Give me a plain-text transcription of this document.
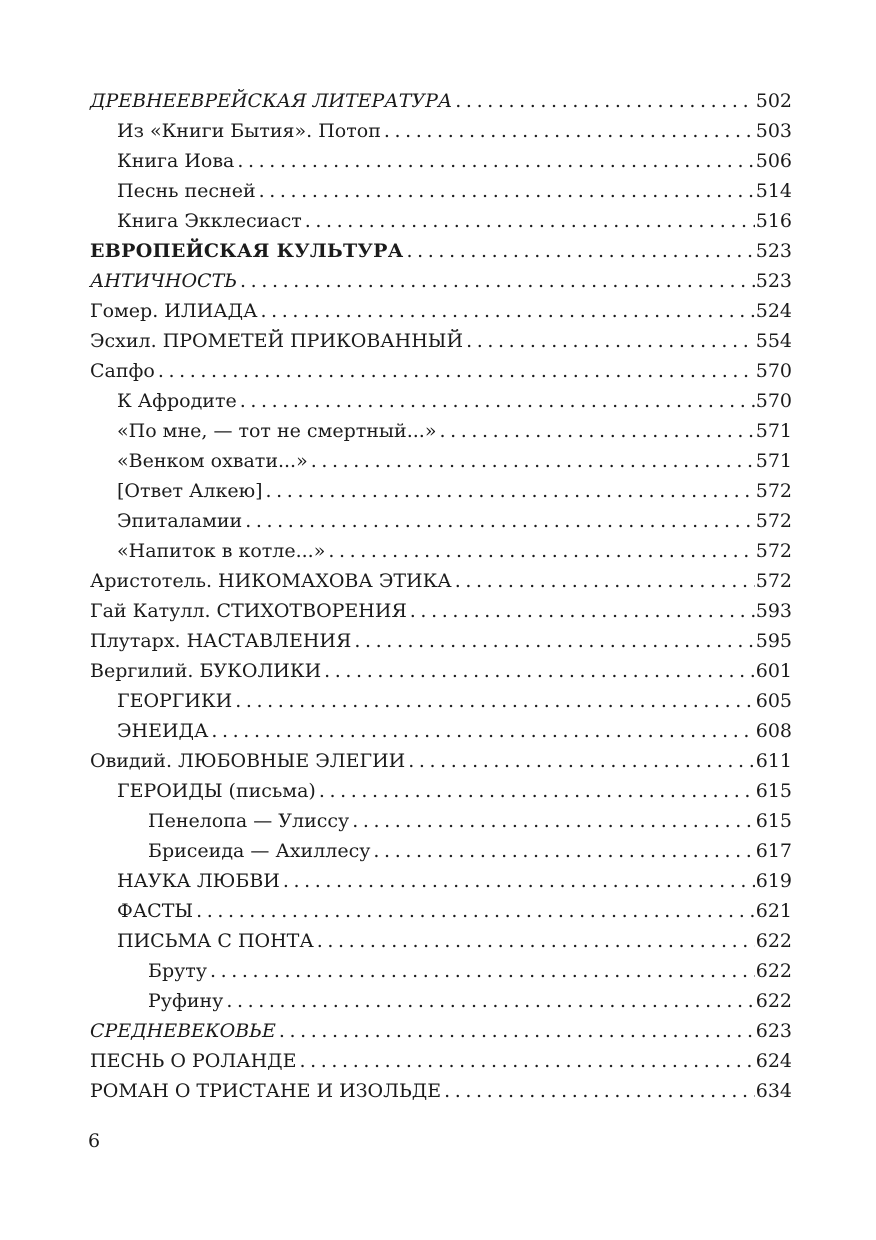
ДРЕВНЕЕВРЕЙСКАЯ ЛИТЕРАТУРА .....	502
Из «Книги Бытия». Потоп .....	503
Книга Иова .....	506
Песнь песней .....	514
Книга Экклесиаст .....	516
ЕВРОПЕЙСКАЯ КУЛЬТУРА .....	523
АНТИЧНОСТЬ .....	523
Гомер. ИЛИАДА .....	524
Эсхил. ПРОМЕТЕЙ ПРИКОВАННЫЙ .....	554
Сапфо .....	570
К Афродите .....	570
«По мне, — тот не смертный...» .....	571
«Венком охвати...» .....	571
[Ответ Алкею] .....	572
Эпиталамии .....	572
«Напиток в котле...» .....	572
Аристотель. НИКОМАХОВА ЭТИКА .....	572
Гай Катулл. СТИХОТВОРЕНИЯ .....	593
Плутарх. НАСТАВЛЕНИЯ .....	595
Вергилий. БУКОЛИКИ .....	601
ГЕОРГИКИ .....	605
ЭНЕИДА .....	608
Овидий. ЛЮБОВНЫЕ ЭЛЕГИИ .....	611
ГЕРОИДЫ (письма) .....	615
Пенелопа — Улиссу .....	615
Брисеида — Ахиллесу .....	617
НАУКА ЛЮБВИ .....	619
ФАСТЫ .....	621
ПИСЬМА С ПОНТА .....	622
Бруту .....	622
Руфину .....	622
СРЕДНЕВЕКОВЬЕ .....	623
ПЕСНЬ О РОЛАНДЕ .....	624
РОМАН О ТРИСТАНЕ И ИЗОЛЬДЕ .....	634
6
